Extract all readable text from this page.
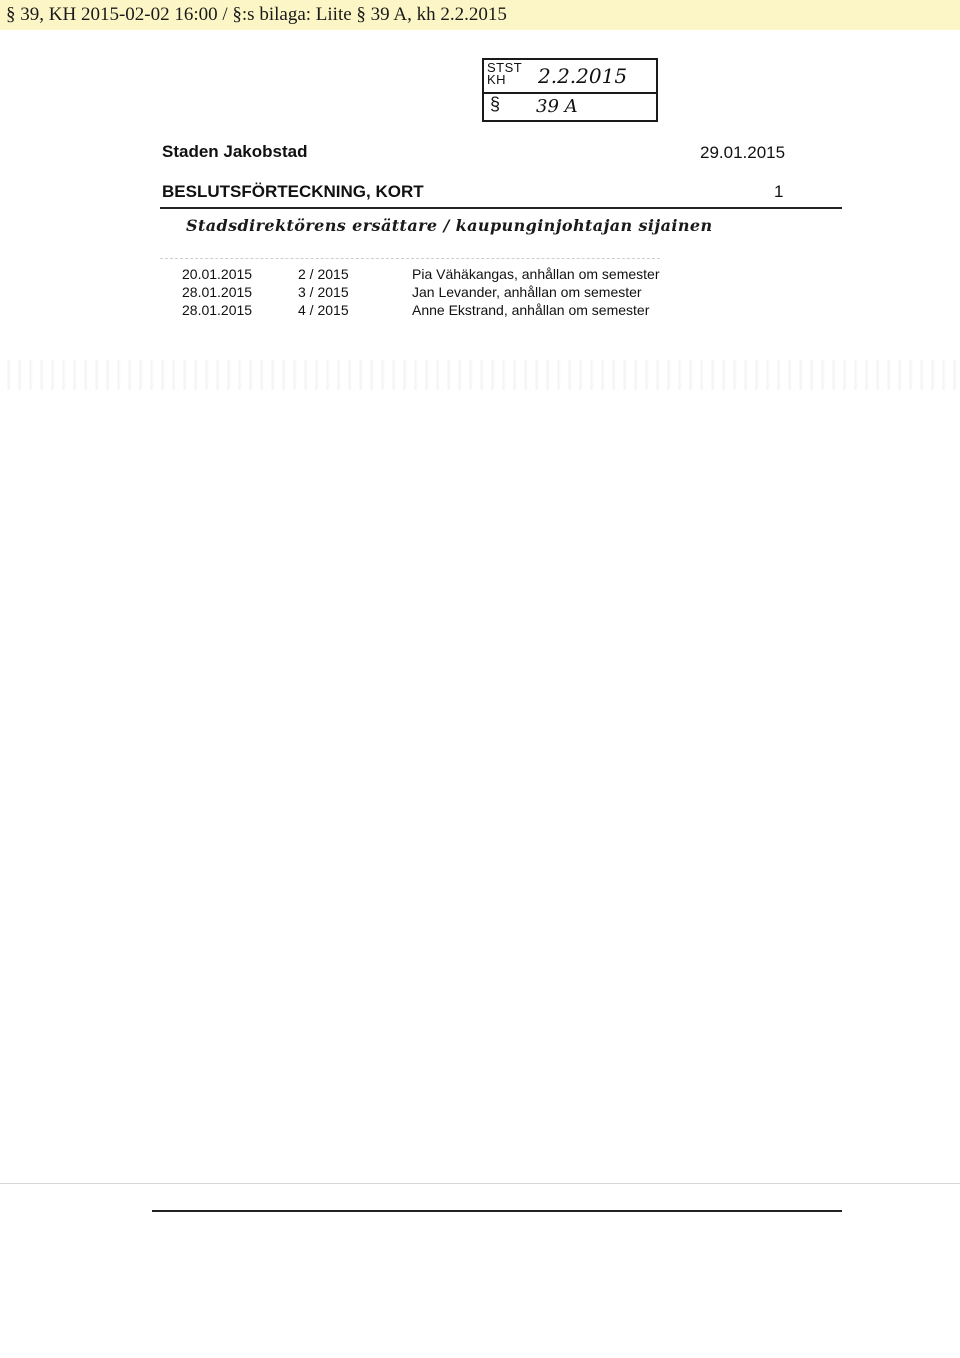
§ 39, KH 2015-02-02 16:00 / §:s bilaga: Liite § 39 A, kh 2.2.2015
STST
KH	2.2.2015
§ 39 A
Staden Jakobstad	29.01.2015
BESLUTSFÖRTECKNING, KORT	1
Stadsdirektörens ersättare / kaupunginjohtajan sijainen
20.01.2015	2 / 2015	Pia Vähäkangas, anhållan om semester
28.01.2015	3 / 2015	Jan Levander, anhållan om semester
28.01.2015	4 / 2015	Anne Ekstrand, anhållan om semester
